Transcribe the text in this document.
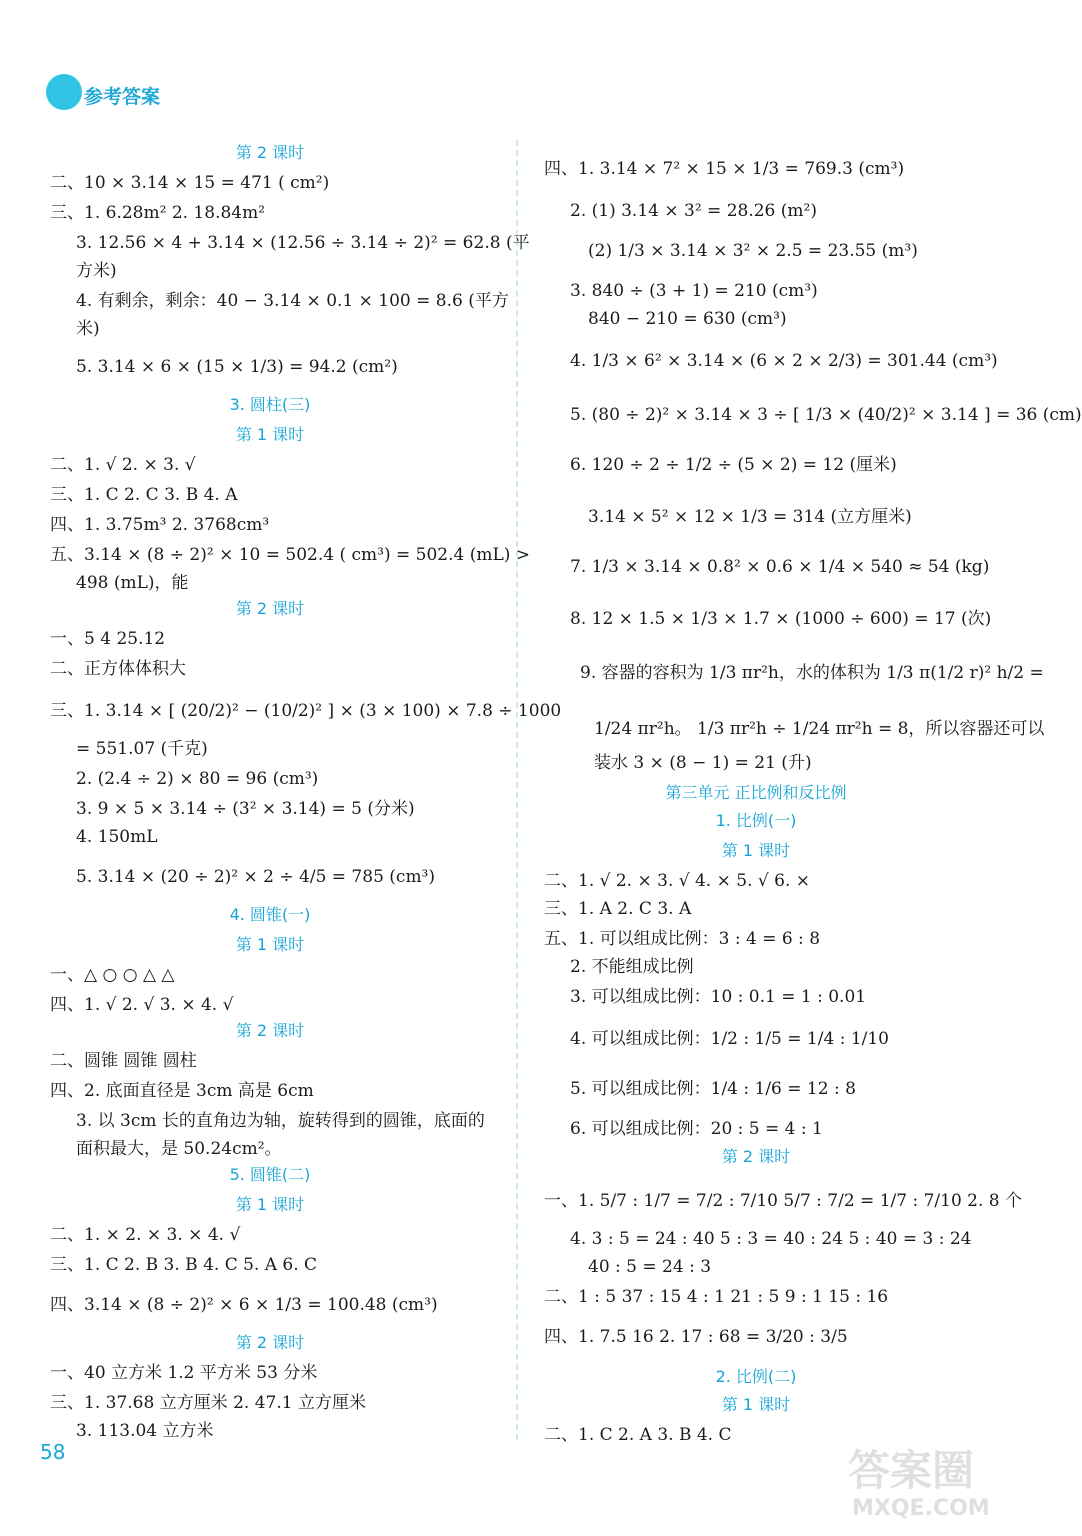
参考答案
第 2 课时
二、10 × 3.14 × 15 = 471 ( cm²)
三、1. 6.28m² 2. 18.84m²
3. 12.56 × 4 + 3.14 × (12.56 ÷ 3.14 ÷ 2)² = 62.8 (平
方米)
4. 有剩余，剩余：40 − 3.14 × 0.1 × 100 = 8.6 (平方
米)
5. 3.14 × 6 × (15 × 1/3) = 94.2 (cm²)
3. 圆柱(三)
第 1 课时
二、1. √ 2. × 3. √
三、1. C 2. C 3. B 4. A
四、1. 3.75m³ 2. 3768cm³
五、3.14 × (8 ÷ 2)² × 10 = 502.4 ( cm³) = 502.4 (mL) >
498 (mL)，能
第 2 课时
一、5 4 25.12
二、正方体体积大
三、1. 3.14 × [ (20/2)² − (10/2)² ] × (3 × 100) × 7.8 ÷ 1000
= 551.07 (千克)
2. (2.4 ÷ 2) × 80 = 96 (cm³)
3. 9 × 5 × 3.14 ÷ (3² × 3.14) = 5 (分米)
4. 150mL
5. 3.14 × (20 ÷ 2)² × 2 ÷ 4/5 = 785 (cm³)
4. 圆锥(一)
第 1 课时
一、△ ○ ○ △ △
四、1. √ 2. √ 3. × 4. √
第 2 课时
二、圆锥 圆锥 圆柱
四、2. 底面直径是 3cm 高是 6cm
3. 以 3cm 长的直角边为轴，旋转得到的圆锥，底面的
面积最大，是 50.24cm²。
5. 圆锥(二)
第 1 课时
二、1. × 2. × 3. × 4. √
三、1. C 2. B 3. B 4. C 5. A 6. C
四、3.14 × (8 ÷ 2)² × 6 × 1/3 = 100.48 (cm³)
第 2 课时
一、40 立方米 1.2 平方米 53 分米
三、1. 37.68 立方厘米 2. 47.1 立方厘米
3. 113.04 立方米
四、1. 3.14 × 7² × 15 × 1/3 = 769.3 (cm³)
2. (1) 3.14 × 3² = 28.26 (m²)
(2) 1/3 × 3.14 × 3² × 2.5 = 23.55 (m³)
3. 840 ÷ (3 + 1) = 210 (cm³)
840 − 210 = 630 (cm³)
4. 1/3 × 6² × 3.14 × (6 × 2 × 2/3) = 301.44 (cm³)
5. (80 ÷ 2)² × 3.14 × 3 ÷ [ 1/3 × (40/2)² × 3.14 ] = 36 (cm)
6. 120 ÷ 2 ÷ 1/2 ÷ (5 × 2) = 12 (厘米)
3.14 × 5² × 12 × 1/3 = 314 (立方厘米)
7. 1/3 × 3.14 × 0.8² × 0.6 × 1/4 × 540 ≈ 54 (kg)
8. 12 × 1.5 × 1/3 × 1.7 × (1000 ÷ 600) = 17 (次)
9. 容器的容积为 1/3 πr²h，水的体积为 1/3 π(1/2 r)² h/2 =
1/24 πr²h。 1/3 πr²h ÷ 1/24 πr²h = 8，所以容器还可以
装水 3 × (8 − 1) = 21 (升)
第三单元 正比例和反比例
1. 比例(一)
第 1 课时
二、1. √ 2. × 3. √ 4. × 5. √ 6. ×
三、1. A 2. C 3. A
五、1. 可以组成比例：3 : 4 = 6 : 8
2. 不能组成比例
3. 可以组成比例：10 : 0.1 = 1 : 0.01
4. 可以组成比例：1/2 : 1/5 = 1/4 : 1/10
5. 可以组成比例：1/4 : 1/6 = 12 : 8
6. 可以组成比例：20 : 5 = 4 : 1
第 2 课时
一、1. 5/7 : 1/7 = 7/2 : 7/10 5/7 : 7/2 = 1/7 : 7/10 2. 8 个
4. 3 : 5 = 24 : 40 5 : 3 = 40 : 24 5 : 40 = 3 : 24
40 : 5 = 24 : 3
二、1 : 5 37 : 15 4 : 1 21 : 5 9 : 1 15 : 16
四、1. 7.5 16 2. 17 : 68 = 3/20 : 3/5
2. 比例(二)
第 1 课时
二、1. C 2. A 3. B 4. C
58	答案圈
MXQE.COM
